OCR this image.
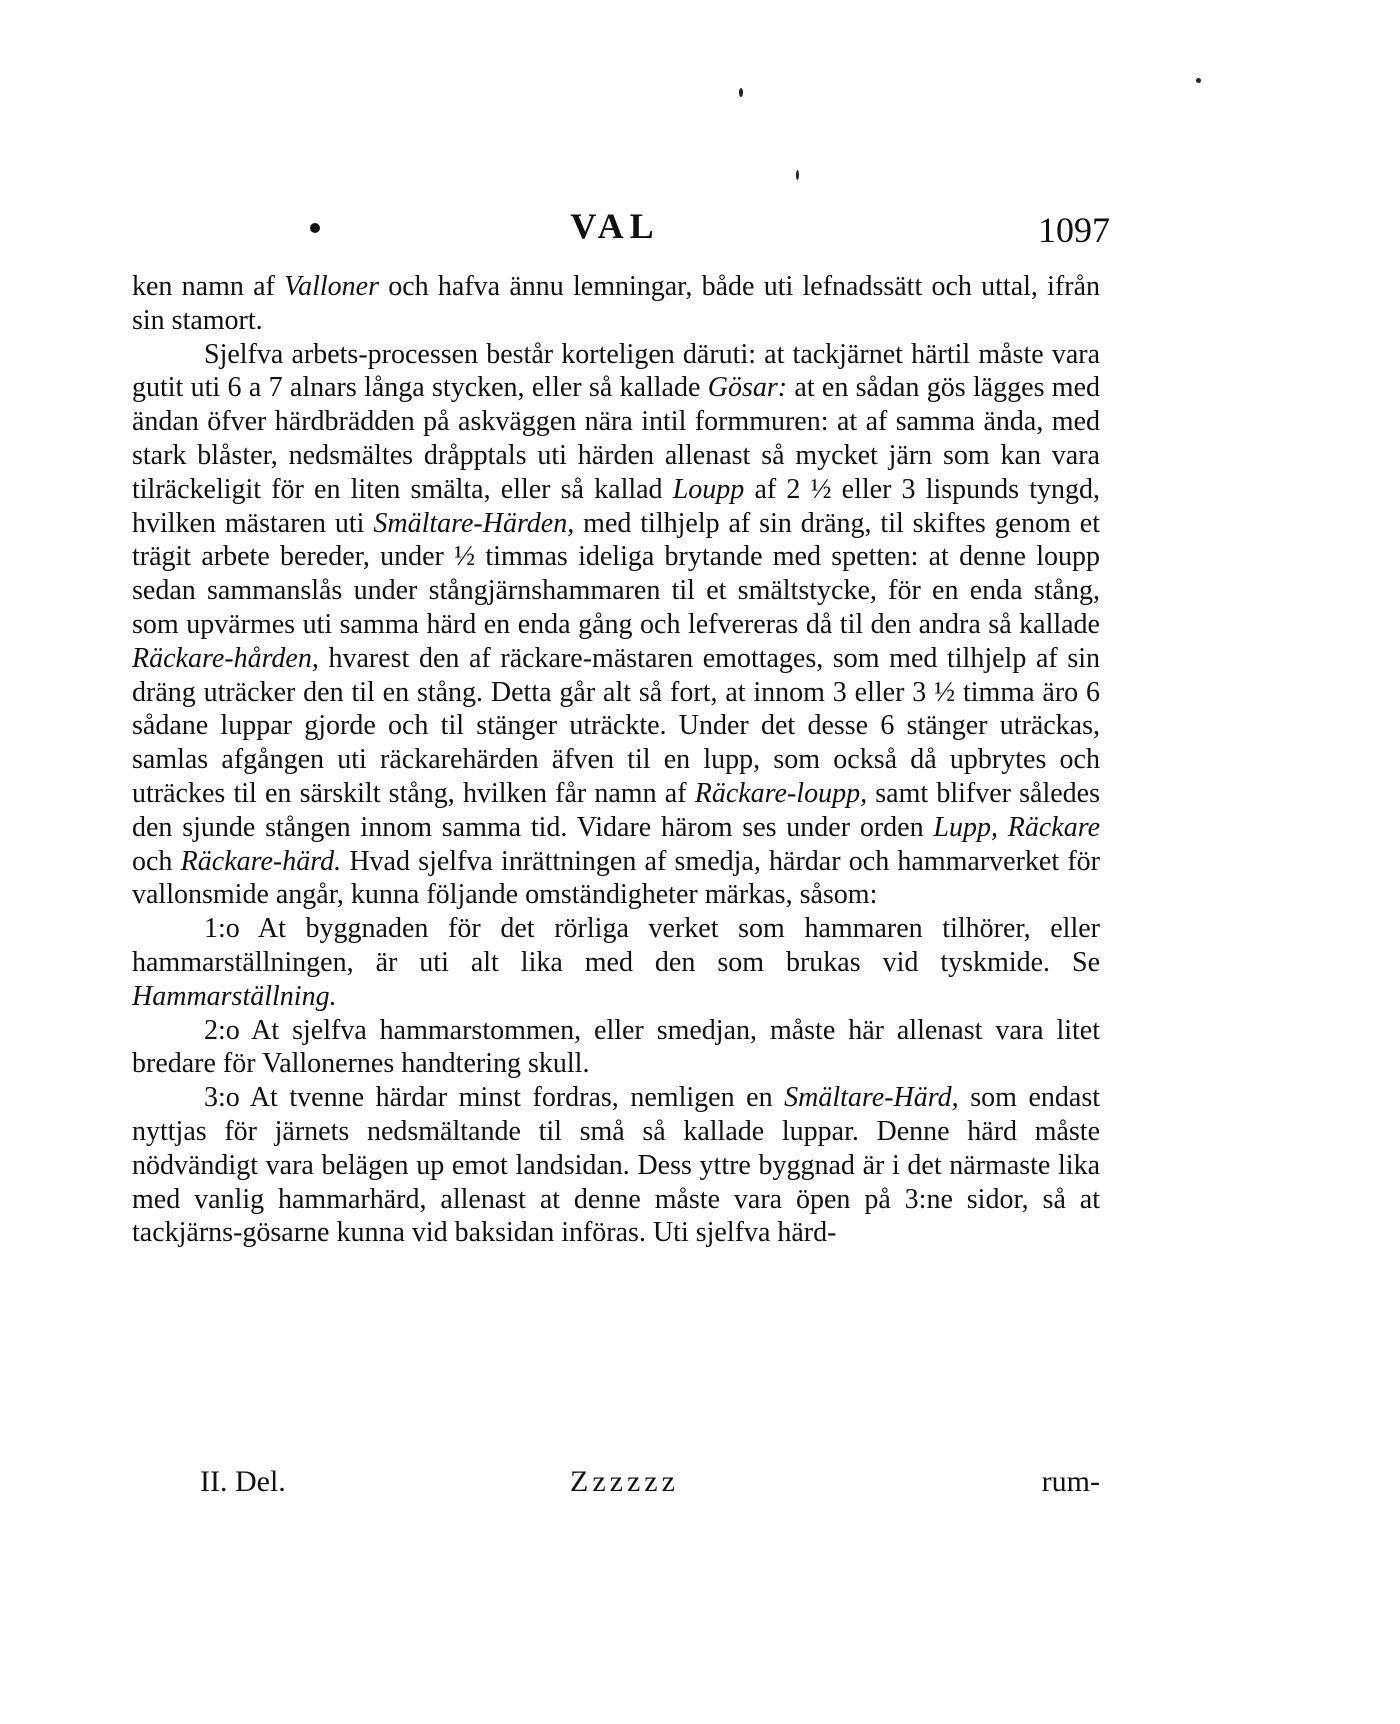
VAL	1097

ken namn af Valloner och hafva ännu lemningar, både uti lefnadssätt och uttal, ifrån sin stamort.

Sjelfva arbets-processen består korteligen däruti: at tackjärnet härtil måste vara gutit uti 6 a 7 alnars långa stycken, eller så kallade Gösar: at en sådan gös lägges med ändan öfver härdbrädden på askväggen nära intil formmuren: at af samma ända, med stark blåster, nedsmältes dråpptals uti härden allenast så mycket järn som kan vara tilräckeligit för en liten smälta, eller så kallad Loupp af 2 ½ eller 3 lispunds tyngd, hvilken mästaren uti Smältare-Härden, med tilhjelp af sin dräng, til skiftes genom et trägit arbete bereder, under ½ timmas ideliga brytande med spetten: at denne loupp sedan sammanslås under stångjärnshammaren til et smältstycke, för en enda stång, som upvärmes uti samma härd en enda gång och lefvereras då til den andra så kallade Räckare-hården, hvarest den af räckare-mästaren emottages, som med tilhjelp af sin dräng uträcker den til en stång. Detta går alt så fort, at innom 3 eller 3 ½ timma äro 6 sådane luppar gjorde och til stänger uträckte. Under det desse 6 stänger uträckas, samlas afgången uti räckarehärden äfven til en lupp, som också då upbrytes och uträckes til en särskilt stång, hvilken får namn af Räckare-loupp, samt blifver således den sjunde stången innom samma tid. Vidare härom ses under orden Lupp, Räckare och Räckare-härd. Hvad sjelfva inrättningen af smedja, härdar och hammarverket för vallonsmide angår, kunna följande omständigheter märkas, såsom:

1:o At byggnaden för det rörliga verket som hammaren tilhörer, eller hammarställningen, är uti alt lika med den som brukas vid tyskmide. Se Hammarställning.

2:o At sjelfva hammarstommen, eller smedjan, måste här allenast vara litet bredare för Vallonernes handtering skull.

3:o At tvenne härdar minst fordras, nemligen en Smältare-Härd, som endast nyttjas för järnets nedsmältande til små så kallade luppar. Denne härd måste nödvändigt vara belägen up emot landsidan. Dess yttre byggnad är i det närmaste lika med vanlig hammarhärd, allenast at denne måste vara öpen på 3:ne sidor, så at tackjärns-gösarne kunna vid baksidan införas. Uti sjelfva härd-

II. Del.	Zzzzzz	rum-
